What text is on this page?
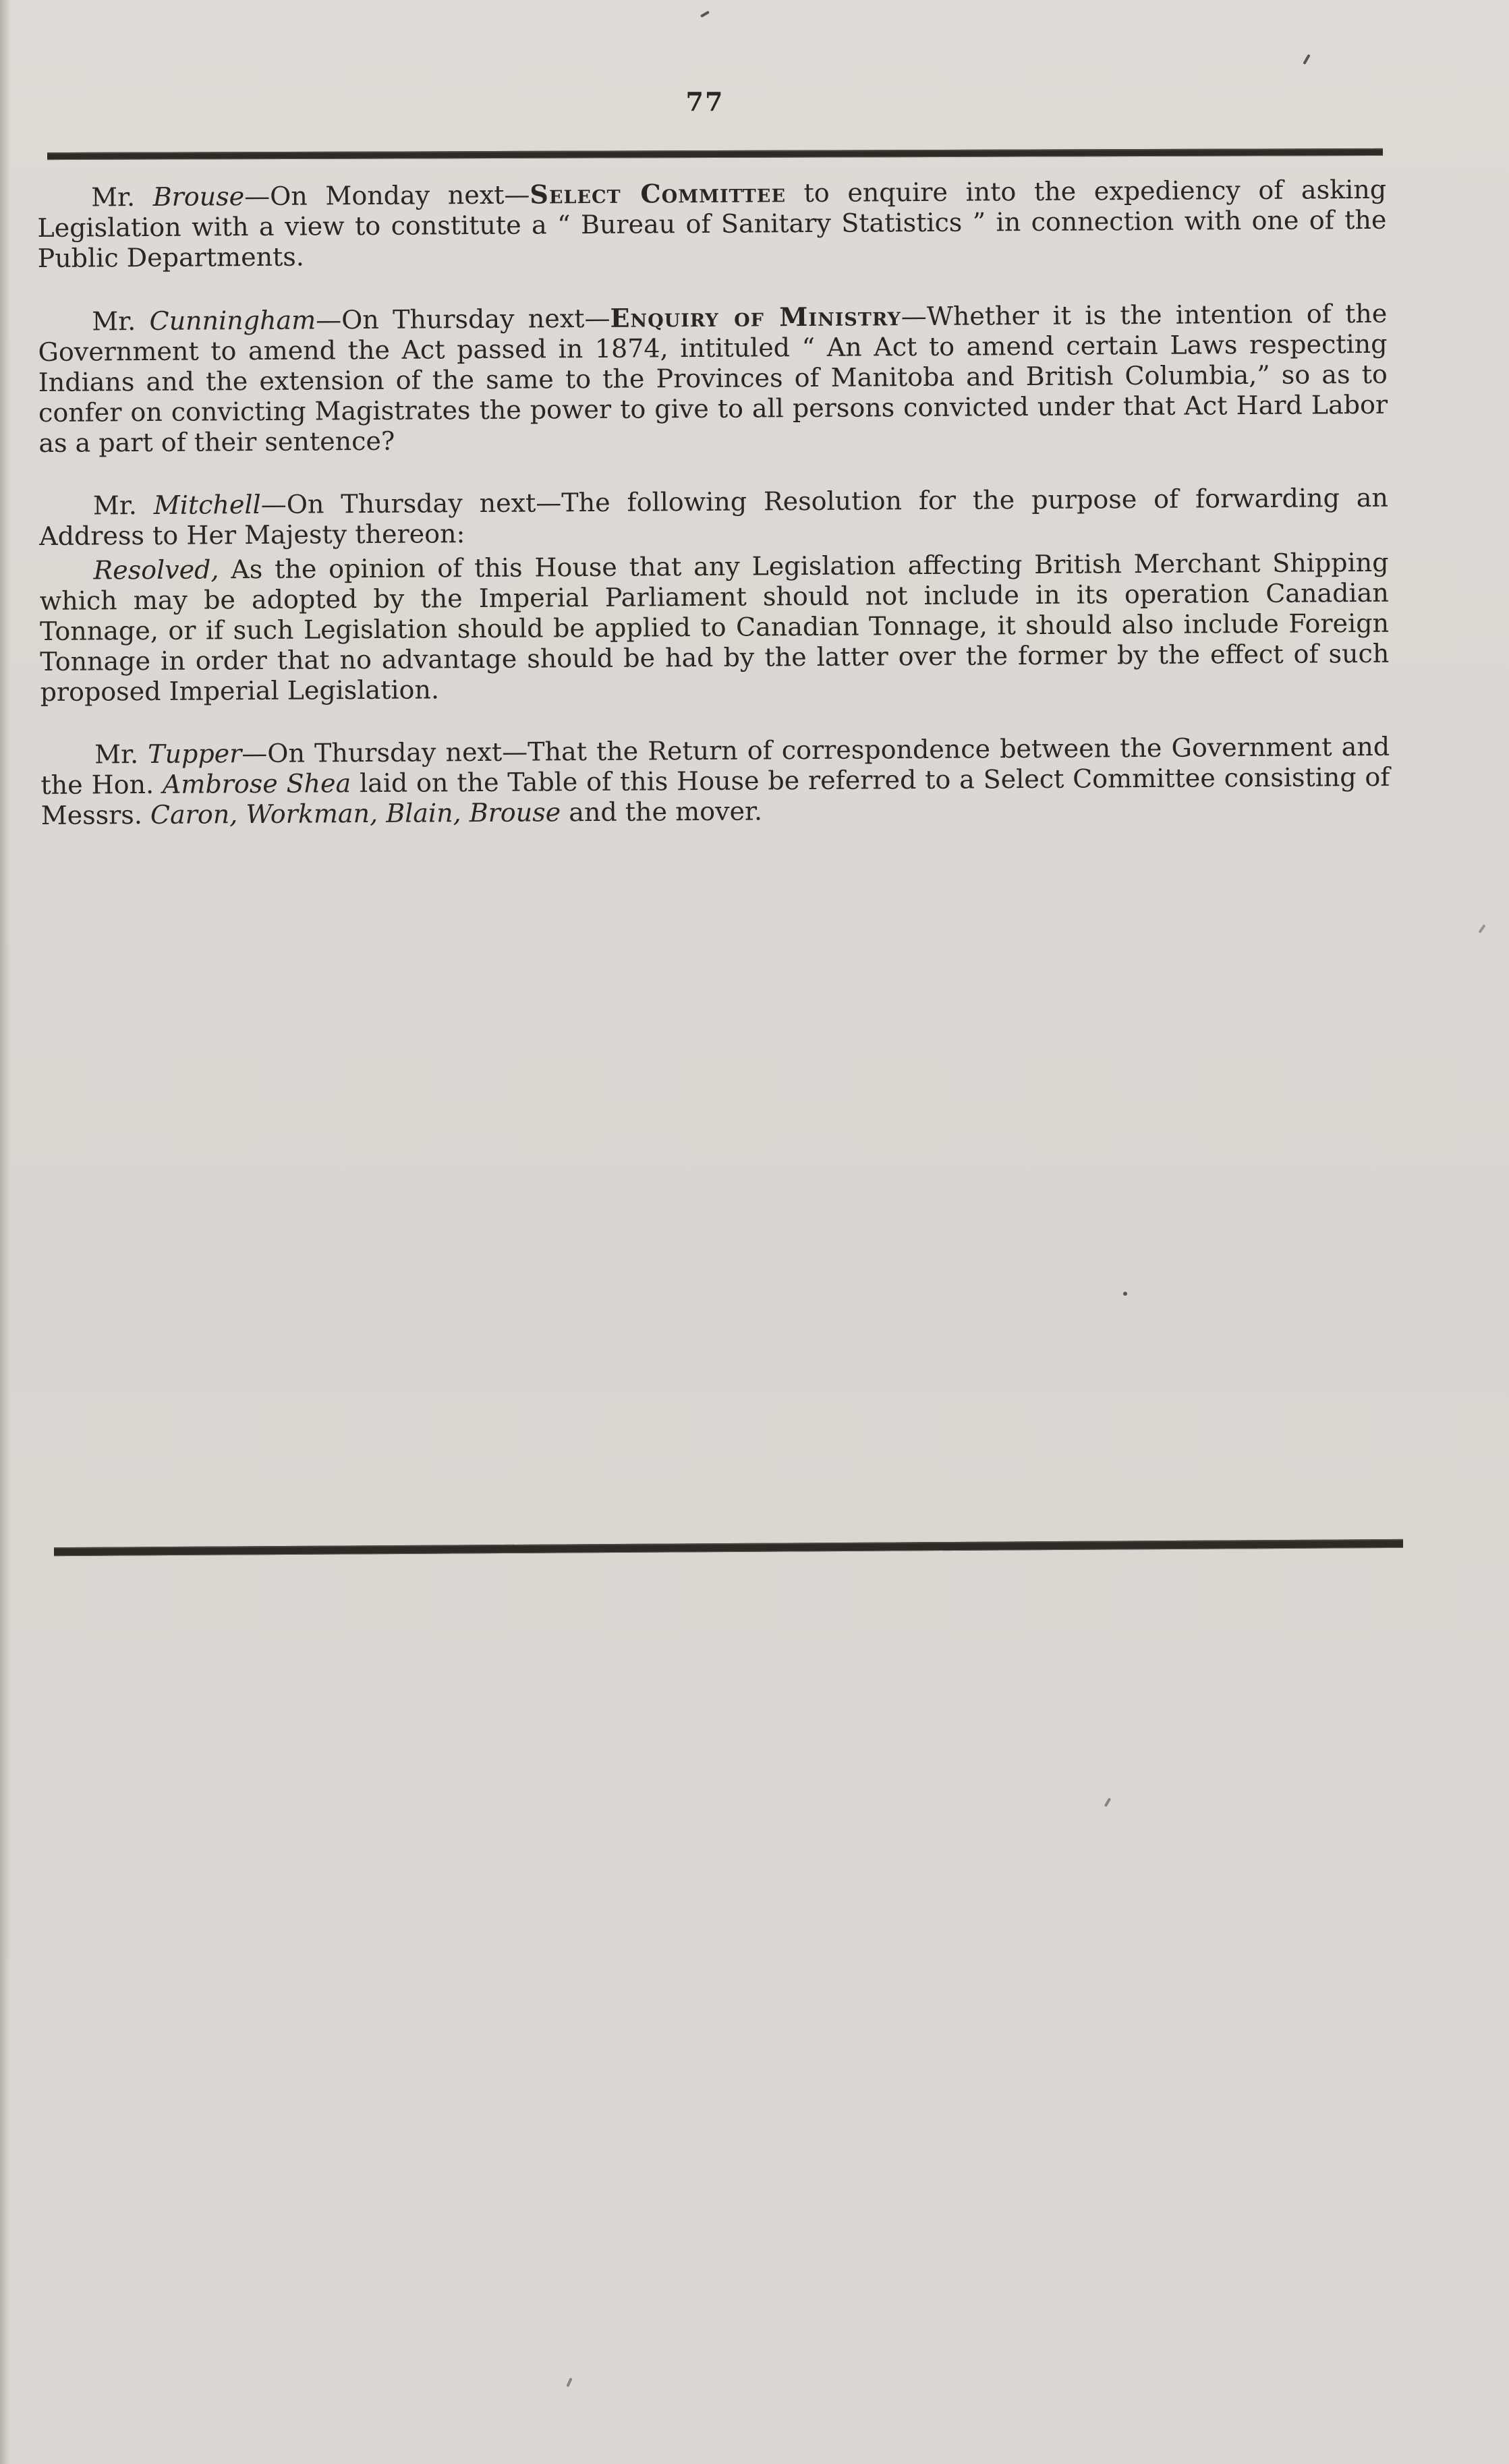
77

Mr. Brouse—On Monday next—Select Committee to enquire into the expediency of asking Legislation with a view to constitute a “ Bureau of Sanitary Statistics ” in connection with one of the Public Departments.

Mr. Cunningham—On Thursday next—Enquiry of Ministry—Whether it is the intention of the Government to amend the Act passed in 1874, intituled “ An Act to amend certain Laws respecting Indians and the extension of the same to the Provinces of Manitoba and British Columbia,” so as to confer on convicting Magistrates the power to give to all persons convicted under that Act Hard Labor as a part of their sentence?

Mr. Mitchell—On Thursday next—The following Resolution for the purpose of forwarding an Address to Her Majesty thereon:

Resolved, As the opinion of this House that any Legislation affecting British Merchant Shipping which may be adopted by the Imperial Parliament should not include in its operation Canadian Tonnage, or if such Legislation should be applied to Canadian Tonnage, it should also include Foreign Tonnage in order that no advantage should be had by the latter over the former by the effect of such proposed Imperial Legislation.

Mr. Tupper—On Thursday next—That the Return of correspondence between the Government and the Hon. Ambrose Shea laid on the Table of this House be referred to a Select Committee consisting of Messrs. Caron, Workman, Blain, Brouse and the mover.
